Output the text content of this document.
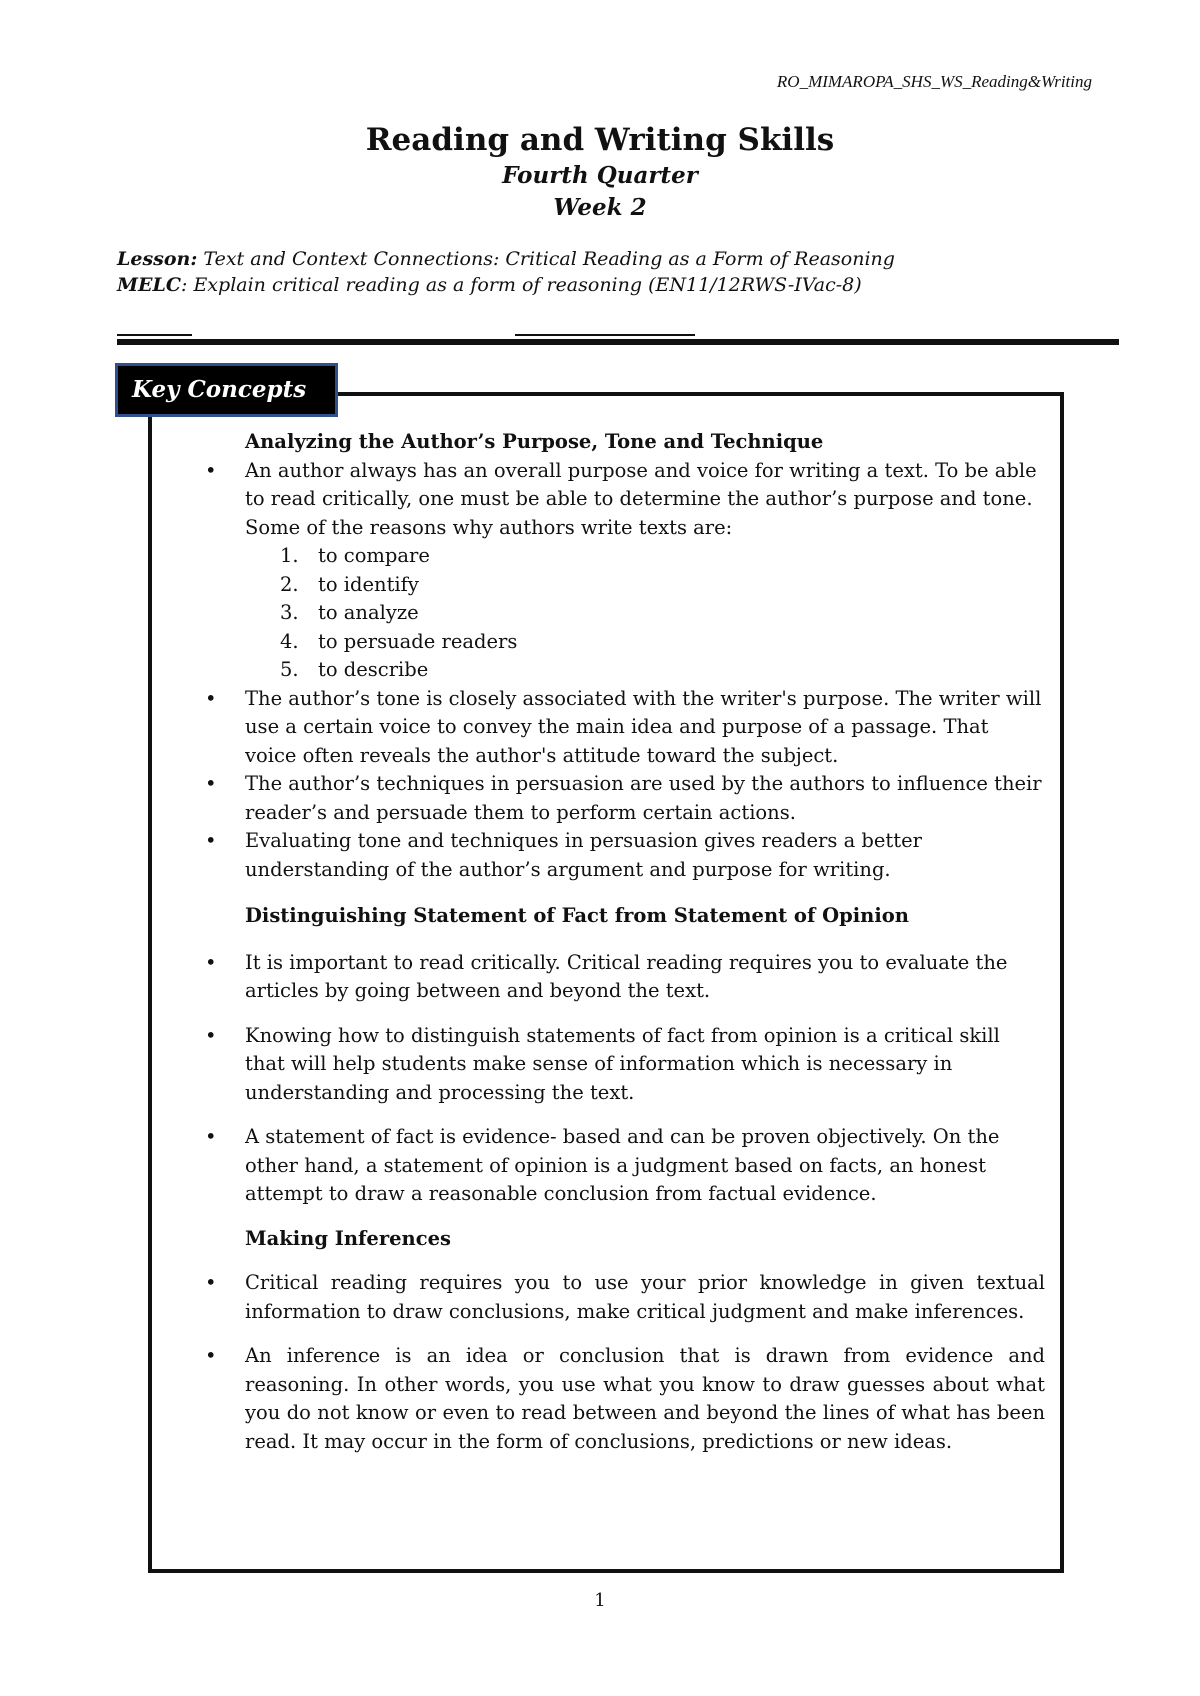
RO_MIMAROPA_SHS_WS_Reading&Writing

Reading and Writing Skills

Fourth Quarter

Week 2

Lesson: Text and Context Connections: Critical Reading as a Form of Reasoning
MELC: Explain critical reading as a form of reasoning (EN11/12RWS-IVac-8)
Key Concepts

Analyzing the Author’s Purpose, Tone and Technique

• An author always has an overall purpose and voice for writing a text. To be able to read critically, one must be able to determine the author’s purpose and tone. Some of the reasons why authors write texts are:
1. to compare
2. to identify
3. to analyze
4. to persuade readers
5. to describe
• The author’s tone is closely associated with the writer's purpose. The writer will use a certain voice to convey the main idea and purpose of a passage. That voice often reveals the author's attitude toward the subject.
• The author’s techniques in persuasion are used by the authors to influence their reader’s and persuade them to perform certain actions.
• Evaluating tone and techniques in persuasion gives readers a better understanding of the author’s argument and purpose for writing.

Distinguishing Statement of Fact from Statement of Opinion

• It is important to read critically. Critical reading requires you to evaluate the articles by going between and beyond the text.
• Knowing how to distinguish statements of fact from opinion is a critical skill that will help students make sense of information which is necessary in understanding and processing the text.
• A statement of fact is evidence- based and can be proven objectively. On the other hand, a statement of opinion is a judgment based on facts, an honest attempt to draw a reasonable conclusion from factual evidence.

Making Inferences

• Critical reading requires you to use your prior knowledge in given textual information to draw conclusions, make critical judgment and make inferences.
• An inference is an idea or conclusion that is drawn from evidence and reasoning. In other words, you use what you know to draw guesses about what you do not know or even to read between and beyond the lines of what has been read. It may occur in the form of conclusions, predictions or new ideas.
1
